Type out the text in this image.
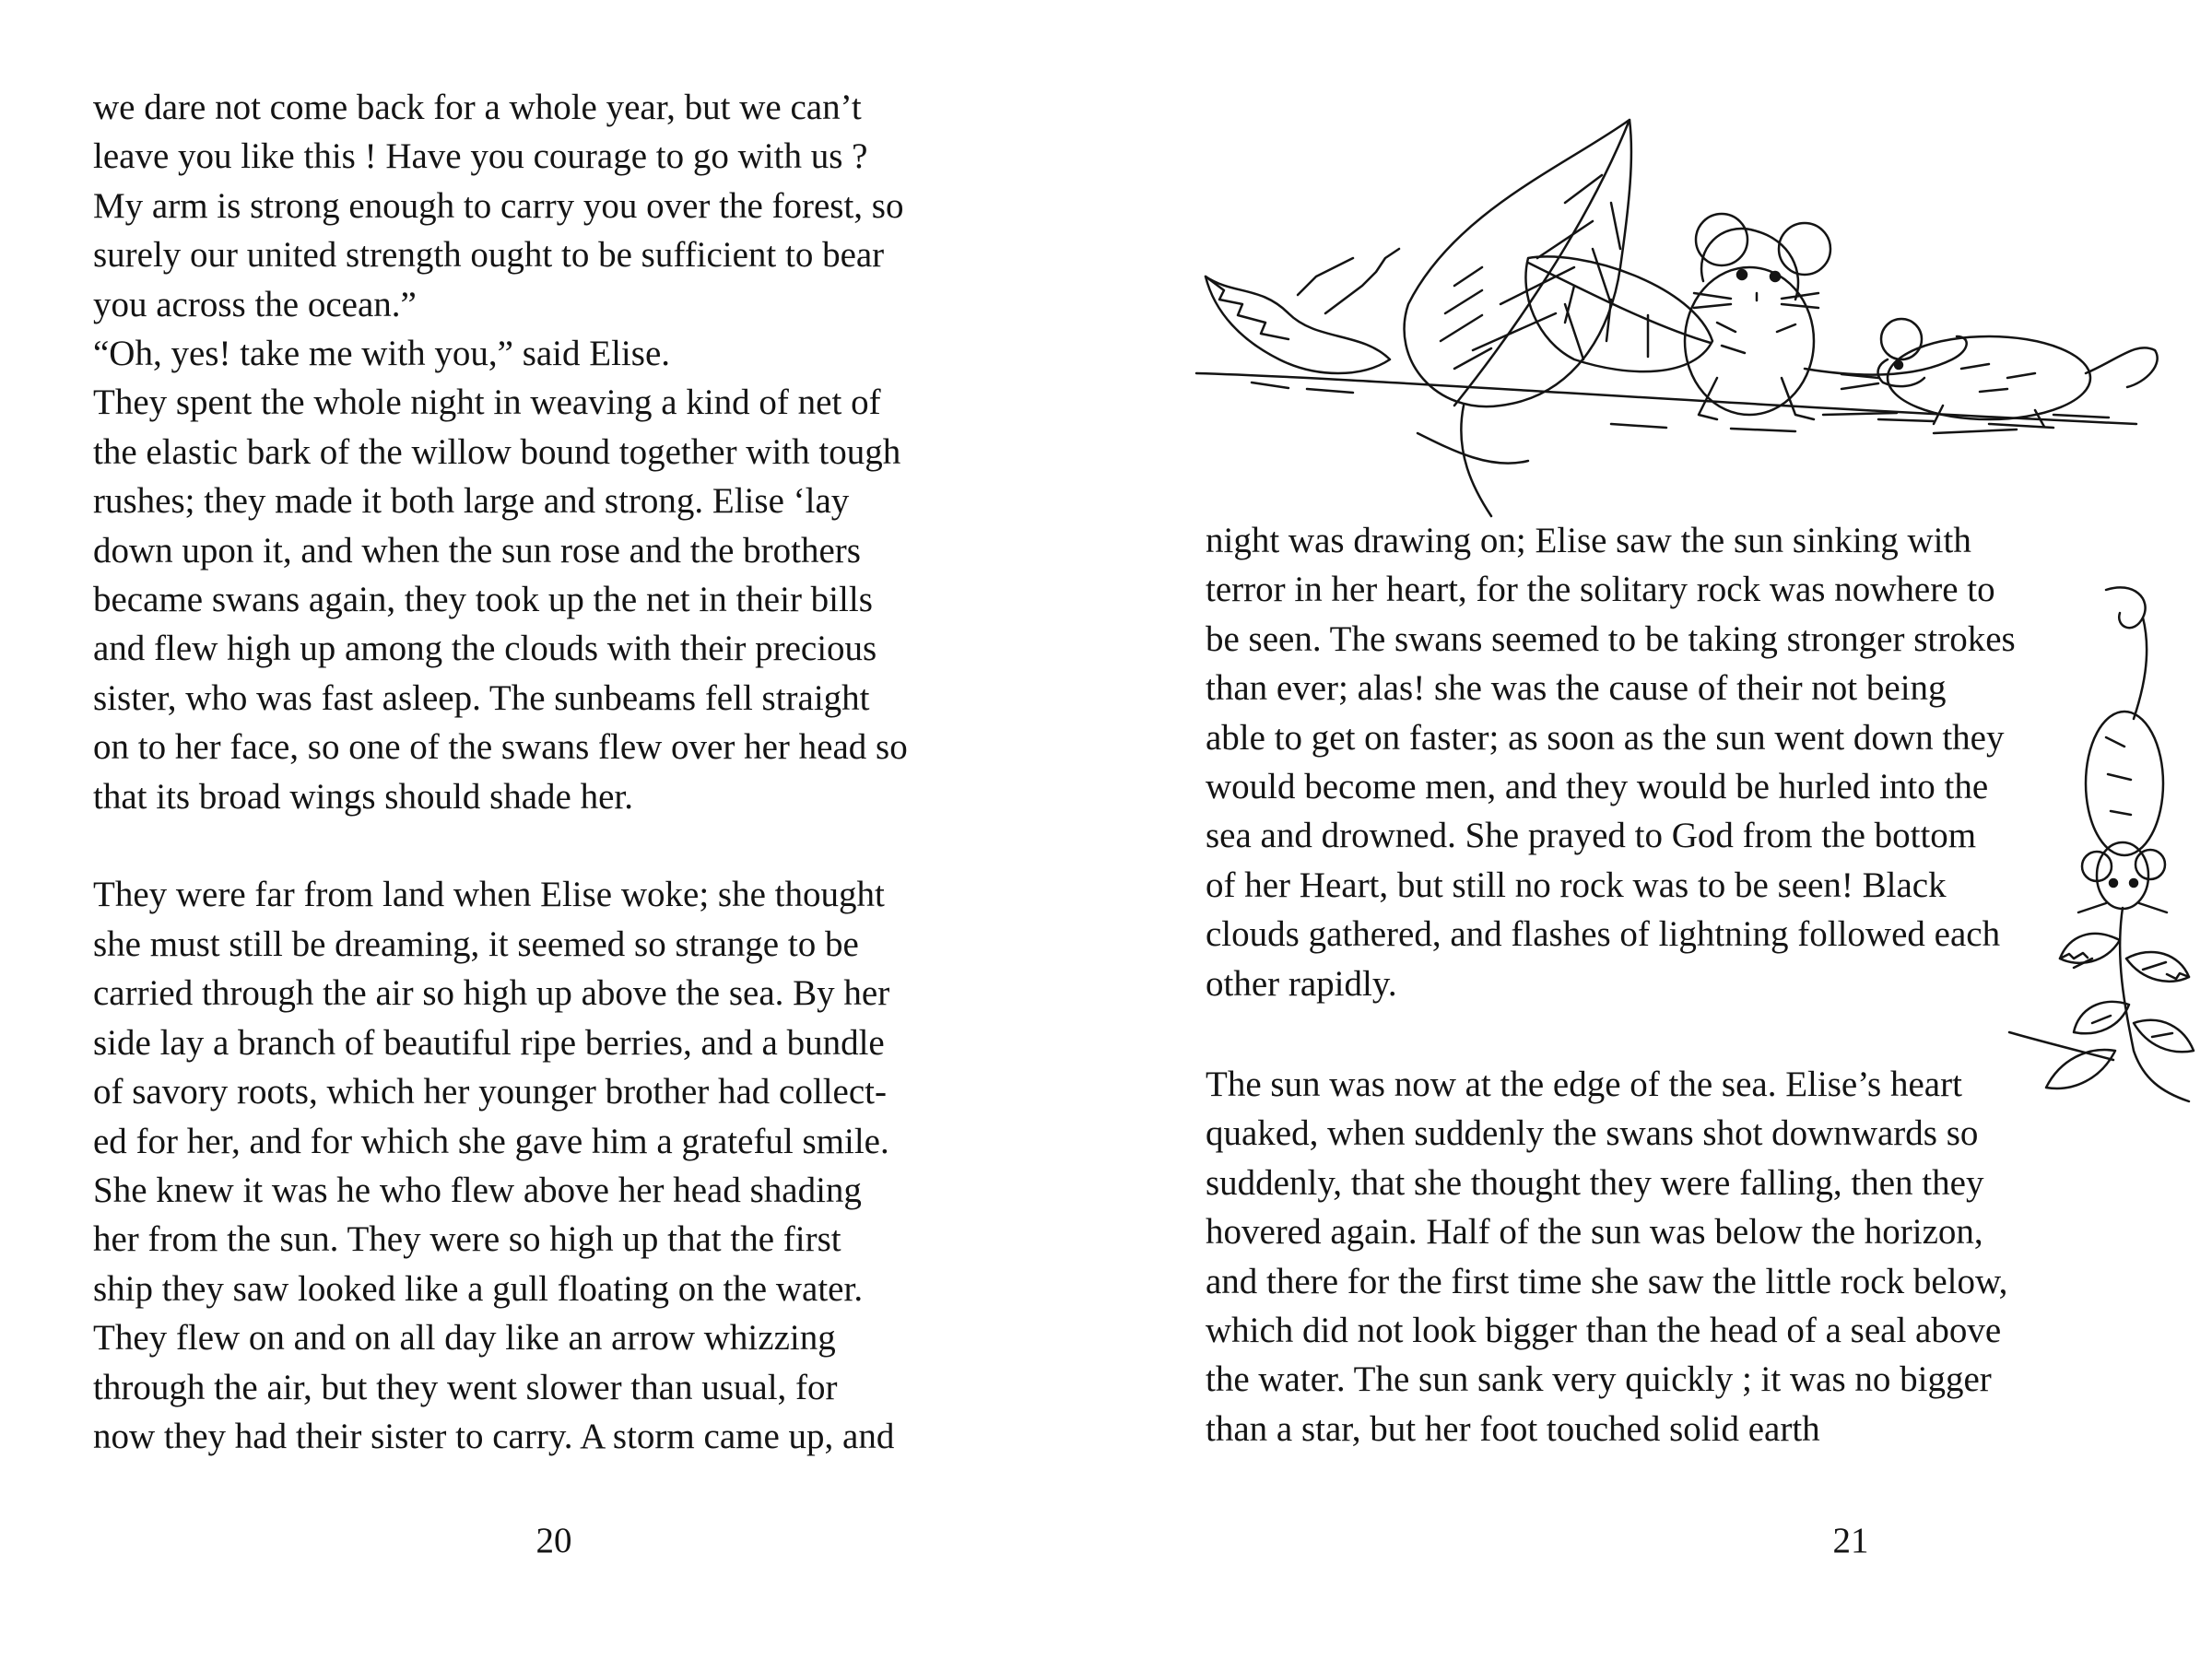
we dare not come back for a whole year, but we can’t
leave you like this ! Have you courage to go with us ?
My arm is strong enough to carry you over the forest, so
surely our united strength ought to be sufficient to bear
you across the ocean.”
“Oh, yes! take me with you,” said Elise.
They spent the whole night in weaving a kind of net of
the elastic bark of the willow bound together with tough
rushes; they made it both large and strong. Elise ‘lay
down upon it, and when the sun rose and the brothers
became swans again, they took up the net in their bills
and flew high up among the clouds with their precious
sister, who was fast asleep. The sunbeams fell straight
on to her face, so one of the swans flew over her head so
that its broad wings should shade her.
They were far from land when Elise woke; she thought
she must still be dreaming, it seemed so strange to be
carried through the air so high up above the sea. By her
side lay a branch of beautiful ripe berries, and a bundle
of savory roots, which her younger brother had collect-
ed for her, and for which she gave him a grateful smile.
She knew it was he who flew above her head shading
her from the sun. They were so high up that the first
ship they saw looked like a gull floating on the water.
They flew on and on all day like an arrow whizzing
through the air, but they went slower than usual, for
now they had their sister to carry. A storm came up, and
20
night was drawing on; Elise saw the sun sinking with
terror in her heart, for the solitary rock was nowhere to
be seen. The swans seemed to be taking stronger strokes
than ever; alas! she was the cause of their not being
able to get on faster; as soon as the sun went down they
would become men, and they would be hurled into the
sea and drowned. She prayed to God from the bottom
of her Heart, but still no rock was to be seen! Black
clouds gathered, and flashes of lightning followed each
other rapidly.
The sun was now at the edge of the sea. Elise’s heart
quaked, when suddenly the swans shot downwards so
suddenly, that she thought they were falling, then they
hovered again. Half of the sun was below the horizon,
and there for the first time she saw the little rock below,
which did not look bigger than the head of a seal above
the water. The sun sank very quickly ; it was no bigger
than a star, but her foot touched solid earth
21
